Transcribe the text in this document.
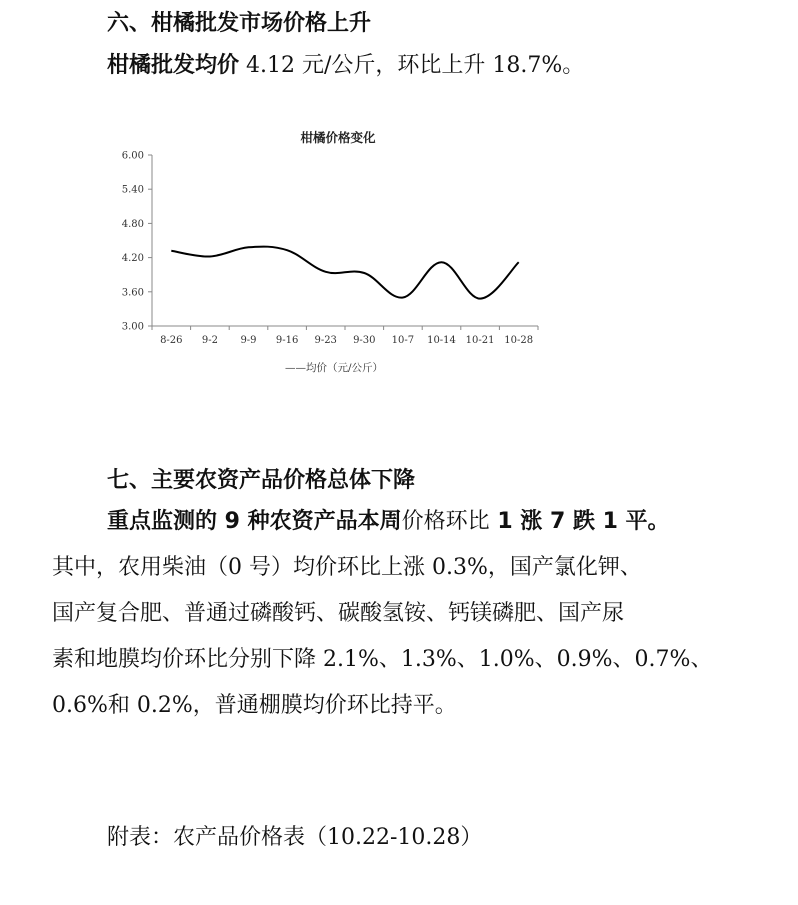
六、柑橘批发市场价格上升
柑橘批发均价 4.12 元/公斤，环比上升 18.7%。
柑橘价格变化
6.00
5.40
4.80
4.20
3.60
3.00
8-26 9-2 9-9 9-16 9-23 9-30 10-7 10-14 10-21 10-28
——均价（元/公斤）
七、主要农资产品价格总体下降
重点监测的 9 种农资产品本周价格环比 1 涨 7 跌 1 平。
其中，农用柴油（0 号）均价环比上涨 0.3%，国产氯化钾、
国产复合肥、普通过磷酸钙、碳酸氢铵、钙镁磷肥、国产尿
素和地膜均价环比分别下降 2.1%、1.3%、1.0%、0.9%、0.7%、
0.6%和 0.2%，普通棚膜均价环比持平。
附表：农产品价格表（10.22-10.28）
